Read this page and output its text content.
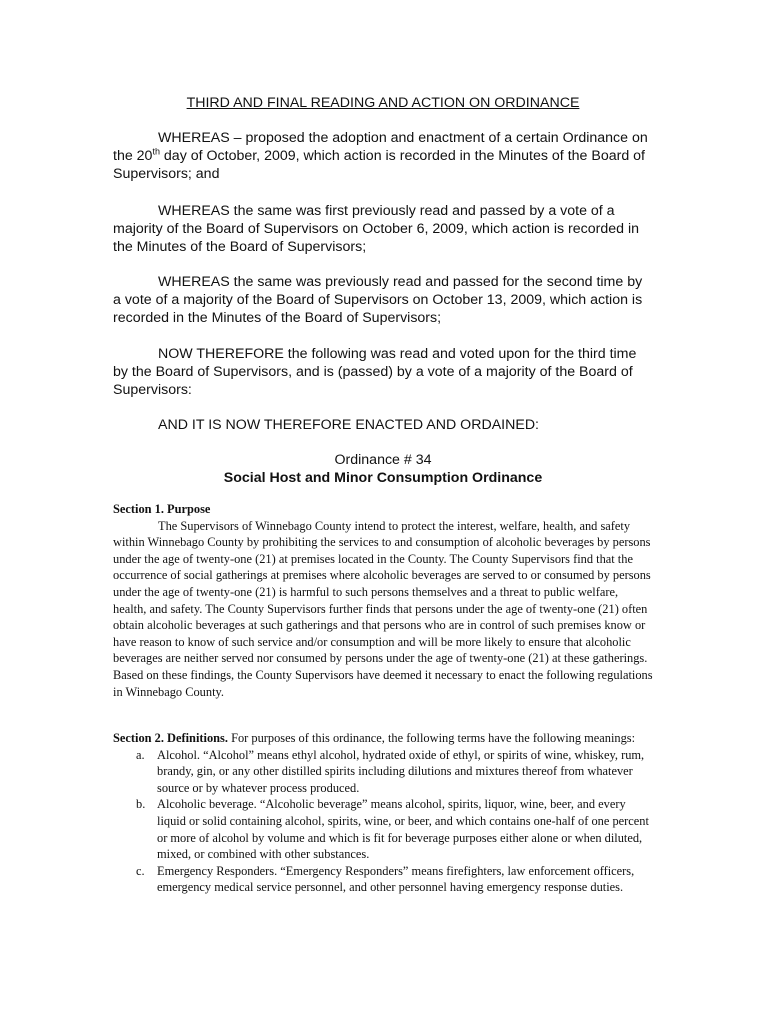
THIRD AND FINAL READING AND ACTION ON ORDINANCE

WHEREAS – proposed the adoption and enactment of a certain Ordinance on the 20th day of October, 2009, which action is recorded in the Minutes of the Board of Supervisors; and

WHEREAS the same was first previously read and passed by a vote of a majority of the Board of Supervisors on October 6, 2009, which action is recorded in the Minutes of the Board of Supervisors;

WHEREAS the same was previously read and passed for the second time by a vote of a majority of the Board of Supervisors on October 13, 2009, which action is recorded in the Minutes of the Board of Supervisors;

NOW THEREFORE the following was read and voted upon for the third time by the Board of Supervisors, and is (passed) by a vote of a majority of the Board of Supervisors:

AND IT IS NOW THEREFORE ENACTED AND ORDAINED:

Ordinance # 34

Social Host and Minor Consumption Ordinance

Section 1. Purpose
The Supervisors of Winnebago County intend to protect the interest, welfare, health, and safety within Winnebago County by prohibiting the services to and consumption of alcoholic beverages by persons under the age of twenty-one (21) at premises located in the County. The County Supervisors find that the occurrence of social gatherings at premises where alcoholic beverages are served to or consumed by persons under the age of twenty-one (21) is harmful to such persons themselves and a threat to public welfare, health, and safety. The County Supervisors further finds that persons under the age of twenty-one (21) often obtain alcoholic beverages at such gatherings and that persons who are in control of such premises know or have reason to know of such service and/or consumption and will be more likely to ensure that alcoholic beverages are neither served nor consumed by persons under the age of twenty-one (21) at these gatherings. Based on these findings, the County Supervisors have deemed it necessary to enact the following regulations in Winnebago County.
Section 2. Definitions. For purposes of this ordinance, the following terms have the following meanings:
a. Alcohol. “Alcohol” means ethyl alcohol, hydrated oxide of ethyl, or spirits of wine, whiskey, rum, brandy, gin, or any other distilled spirits including dilutions and mixtures thereof from whatever source or by whatever process produced.
b. Alcoholic beverage. “Alcoholic beverage” means alcohol, spirits, liquor, wine, beer, and every liquid or solid containing alcohol, spirits, wine, or beer, and which contains one-half of one percent or more of alcohol by volume and which is fit for beverage purposes either alone or when diluted, mixed, or combined with other substances.
c. Emergency Responders. “Emergency Responders” means firefighters, law enforcement officers, emergency medical service personnel, and other personnel having emergency response duties.
